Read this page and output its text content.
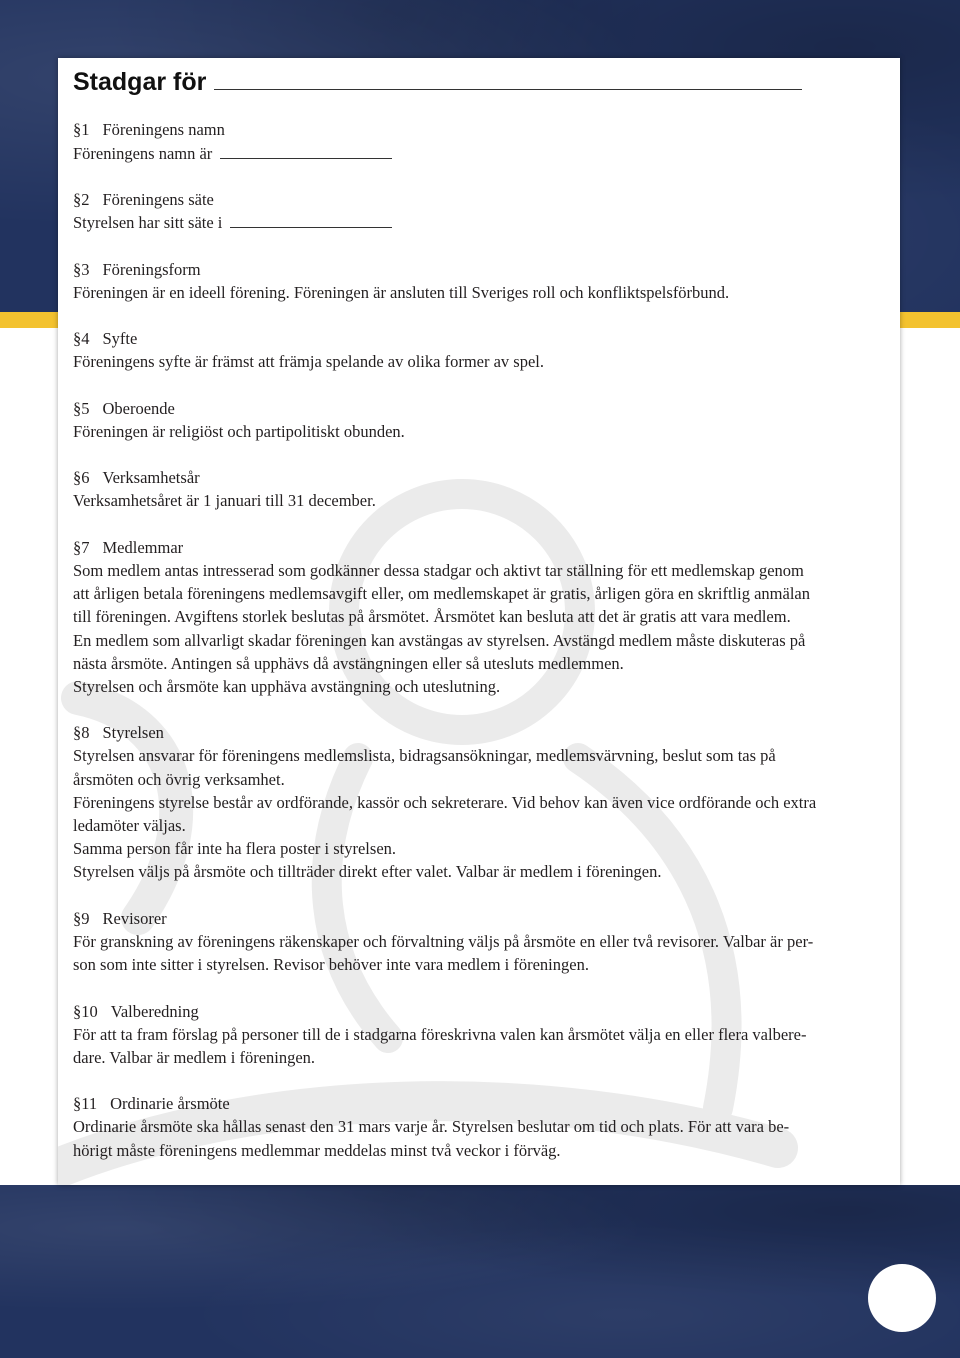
Stadgar för
§1 Föreningens namn
Föreningens namn är
§2 Föreningens säte
Styrelsen har sitt säte i
§3 Föreningsform
Föreningen är en ideell förening. Föreningen är ansluten till Sveriges roll och konfliktspelsförbund.
§4 Syfte
Föreningens syfte är främst att främja spelande av olika former av spel.
§5 Oberoende
Föreningen är religiöst och partipolitiskt obunden.
§6 Verksamhetsår
Verksamhetsåret är 1 januari till 31 december.
§7 Medlemmar
Som medlem antas intresserad som godkänner dessa stadgar och aktivt tar ställning för ett medlemskap genom
att årligen betala föreningens medlemsavgift eller, om medlemskapet är gratis, årligen göra en skriftlig anmälan
till föreningen. Avgiftens storlek beslutas på årsmötet. Årsmötet kan besluta att det är gratis att vara medlem.
En medlem som allvarligt skadar föreningen kan avstängas av styrelsen. Avstängd medlem måste diskuteras på
nästa årsmöte. Antingen så upphävs då avstängningen eller så utesluts medlemmen.
Styrelsen och årsmöte kan upphäva avstängning och uteslutning.
§8 Styrelsen
Styrelsen ansvarar för föreningens medlemslista, bidragsansökningar, medlemsvärvning, beslut som tas på
årsmöten och övrig verksamhet.
Föreningens styrelse består av ordförande, kassör och sekreterare. Vid behov kan även vice ordförande och extra
ledamöter väljas.
Samma person får inte ha flera poster i styrelsen.
Styrelsen väljs på årsmöte och tillträder direkt efter valet. Valbar är medlem i föreningen.
§9 Revisorer
För granskning av föreningens räkenskaper och förvaltning väljs på årsmöte en eller två revisorer. Valbar är per-
son som inte sitter i styrelsen. Revisor behöver inte vara medlem i föreningen.
§10 Valberedning
För att ta fram förslag på personer till de i stadgarna föreskrivna valen kan årsmötet välja en eller flera valbere-
dare. Valbar är medlem i föreningen.
§11 Ordinarie årsmöte
Ordinarie årsmöte ska hållas senast den 31 mars varje år. Styrelsen beslutar om tid och plats. För att vara be-
hörigt måste föreningens medlemmar meddelas minst två veckor i förväg.
